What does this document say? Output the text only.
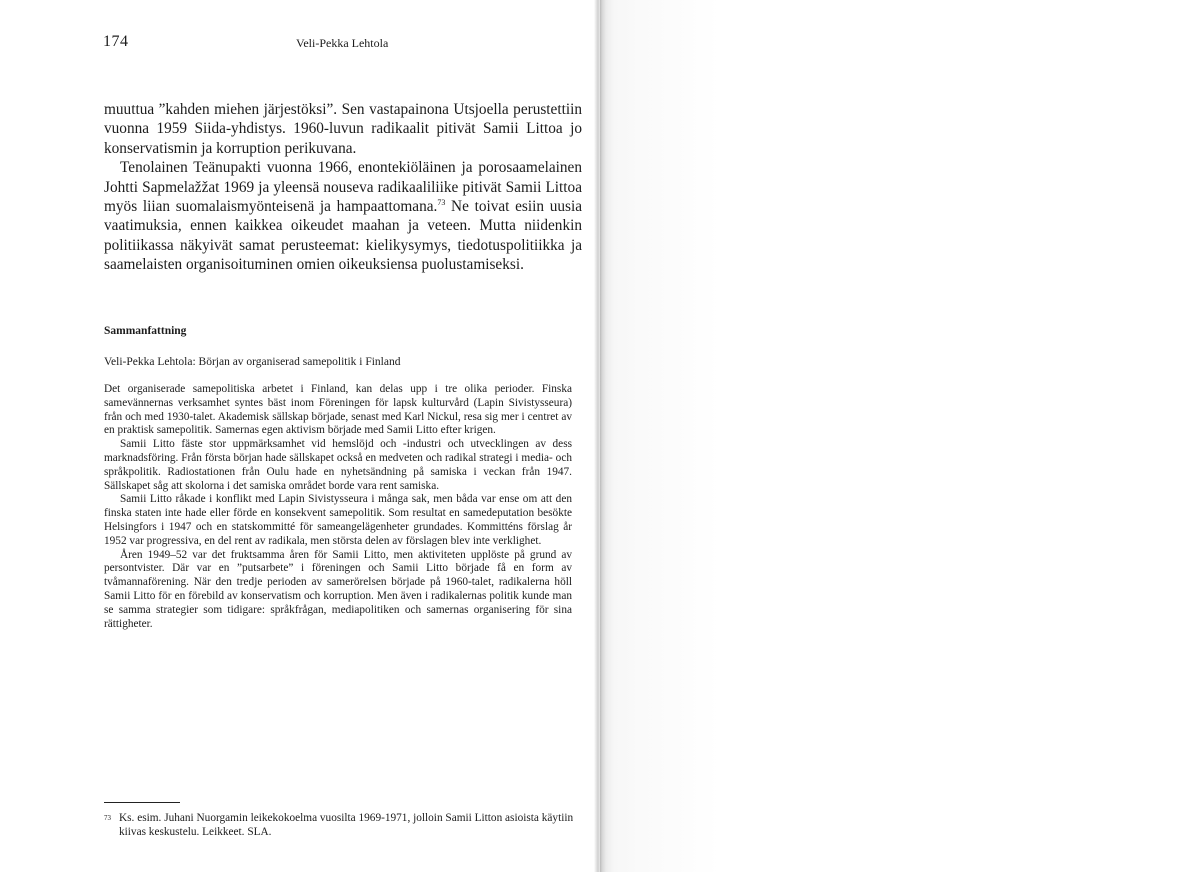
174	Veli-Pekka Lehtola

muuttua ”kahden miehen järjestöksi”. Sen vastapainona Utsjoella perustettiin vuonna 1959 Siida-yhdistys. 1960-luvun radikaalit pitivät Samii Littoa jo konservatismin ja korruption perikuvana.

Tenolainen Teänupakti vuonna 1966, enontekiöläinen ja porosaamelainen Johtti Sapmelažžat 1969 ja yleensä nouseva radikaaliliike pitivät Samii Littoa myös liian suomalaismyönteisenä ja hampaattomana.$^{73}$ Ne toivat esiin uusia vaatimuksia, ennen kaikkea oikeudet maahan ja veteen. Mutta niidenkin politiikassa näkyivät samat perusteemat: kielikysymys, tiedotuspolitiikka ja saamelaisten organisoituminen omien oikeuksiensa puolustamiseksi.

Sammanfattning
Veli-Pekka Lehtola: Början av organiserad samepolitik i Finland

Det organiserade samepolitiska arbetet i Finland, kan delas upp i tre olika perioder. Finska samevännernas verksamhet syntes bäst inom Föreningen för lapsk kulturvård (Lapin Sivistysseura) från och med 1930-talet. Akademisk sällskap började, senast med Karl Nickul, resa sig mer i centret av en praktisk samepolitik. Samernas egen aktivism började med Samii Litto efter krigen.

Samii Litto fäste stor uppmärksamhet vid hemslöjd och -industri och utvecklingen av dess marknadsföring. Från första början hade sällskapet också en medveten och radikal strategi i media- och språkpolitik. Radiostationen från Oulu hade en nyhetsändning på samiska i veckan från 1947. Sällskapet såg att skolorna i det samiska området borde vara rent samiska.

Samii Litto råkade i konflikt med Lapin Sivistysseura i många sak, men båda var ense om att den finska staten inte hade eller förde en konsekvent samepolitik. Som resultat en samedeputation besökte Helsingfors i 1947 och en statskommitté för sameangelägenheter grundades. Kommitténs förslag år 1952 var progressiva, en del rent av radikala, men största delen av förslagen blev inte verklighet.

Åren 1949–52 var det fruktsamma åren för Samii Litto, men aktiviteten upplöste på grund av persontvister. Där var en ”putsarbete” i föreningen och Samii Litto började få en form av tvåmannaförening. När den tredje perioden av samerörelsen började på 1960-talet, radikalerna höll Samii Litto för en förebild av konservatism och korruption. Men även i radikalernas politik kunde man se samma strategier som tidigare: språkfrågan, mediapolitiken och samernas organisering för sina rättigheter.

73 Ks. esim. Juhani Nuorgamin leikekokoelma vuosilta 1969-1971, jolloin Samii Litton asioista käytiin kiivas keskustelu. Leikkeet. SLA.
